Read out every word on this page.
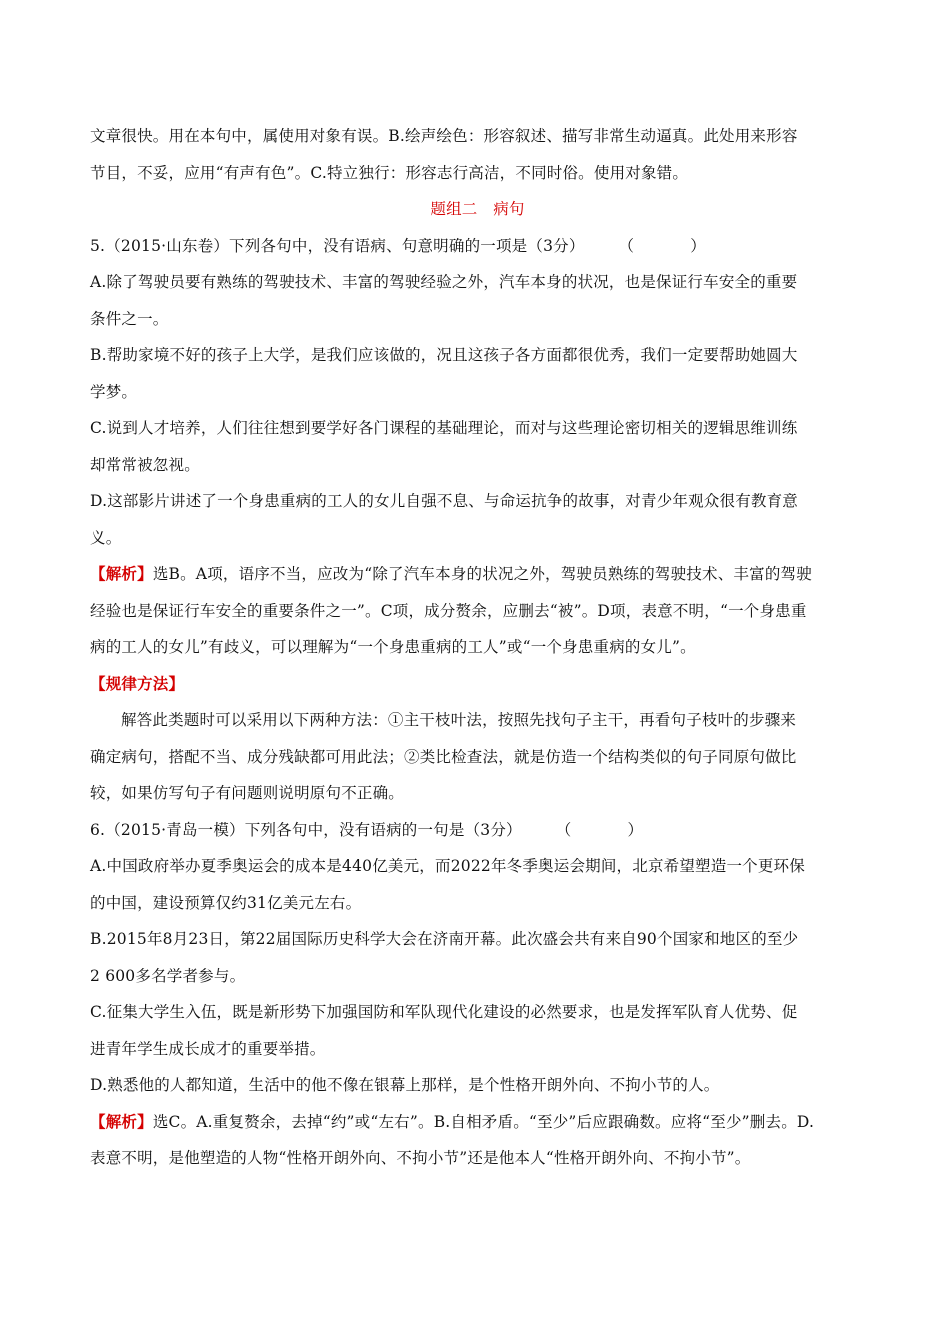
文章很快。用在本句中，属使用对象有误。B.绘声绘色：形容叙述、描写非常生动逼真。此处用来形容
节目，不妥，应用“有声有色”。C.特立独行：形容志行高洁，不同时俗。使用对象错。
题组二　病句
5.（2015·山东卷）下列各句中，没有语病、句意明确的一项是（3分） （	）
A.除了驾驶员要有熟练的驾驶技术、丰富的驾驶经验之外，汽车本身的状况，也是保证行车安全的重要
条件之一。
B.帮助家境不好的孩子上大学，是我们应该做的，况且这孩子各方面都很优秀，我们一定要帮助她圆大
学梦。
C.说到人才培养，人们往往想到要学好各门课程的基础理论，而对与这些理论密切相关的逻辑思维训练
却常常被忽视。
D.这部影片讲述了一个身患重病的工人的女儿自强不息、与命运抗争的故事，对青少年观众很有教育意
义。
【解析】选B。A项，语序不当，应改为“除了汽车本身的状况之外，驾驶员熟练的驾驶技术、丰富的驾驶
经验也是保证行车安全的重要条件之一”。C项，成分赘余，应删去“被”。D项，表意不明，“一个身患重
病的工人的女儿”有歧义，可以理解为“一个身患重病的工人”或“一个身患重病的女儿”。
【规律方法】
解答此类题时可以采用以下两种方法：①主干枝叶法，按照先找句子主干，再看句子枝叶的步骤来
确定病句，搭配不当、成分残缺都可用此法；②类比检查法，就是仿造一个结构类似的句子同原句做比
较，如果仿写句子有问题则说明原句不正确。
6.（2015·青岛一模）下列各句中，没有语病的一句是（3分） （	）
A.中国政府举办夏季奥运会的成本是440亿美元，而2022年冬季奥运会期间，北京希望塑造一个更环保
的中国，建设预算仅约31亿美元左右。
B.2015年8月23日，第22届国际历史科学大会在济南开幕。此次盛会共有来自90个国家和地区的至少
2 600多名学者参与。
C.征集大学生入伍，既是新形势下加强国防和军队现代化建设的必然要求，也是发挥军队育人优势、促
进青年学生成长成才的重要举措。
D.熟悉他的人都知道，生活中的他不像在银幕上那样，是个性格开朗外向、不拘小节的人。
【解析】选C。A.重复赘余，去掉“约”或“左右”。B.自相矛盾。“至少”后应跟确数。应将“至少”删去。D.
表意不明，是他塑造的人物“性格开朗外向、不拘小节”还是他本人“性格开朗外向、不拘小节”。
